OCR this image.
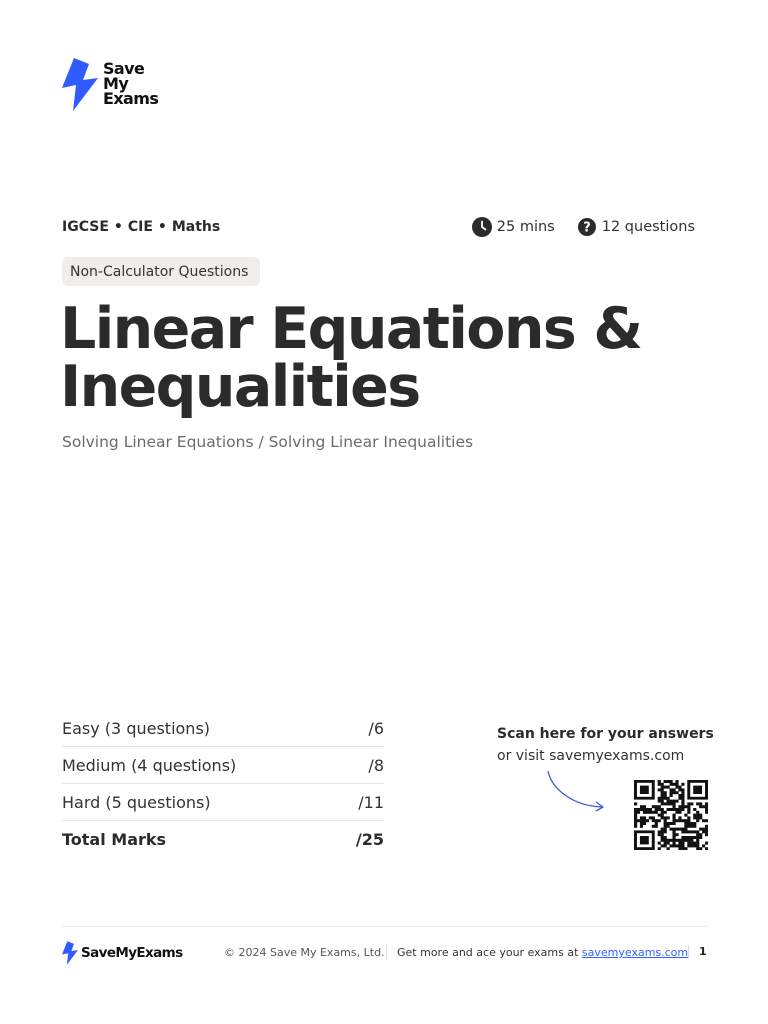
Save
My
Exams
IGCSE • CIE • Maths	25 mins ? 12 questions
Non-Calculator Questions
Linear Equations &
Inequalities
Solving Linear Equations / Solving Linear Inequalities
Easy (3 questions)	/6
Medium (4 questions)	/8
Hard (5 questions)	/11
Total Marks	/25
Scan here for your answers
or visit savemyexams.com
SaveMyExams	© 2024 Save My Exams, Ltd. Get more and ace your exams at savemyexams.com 1
